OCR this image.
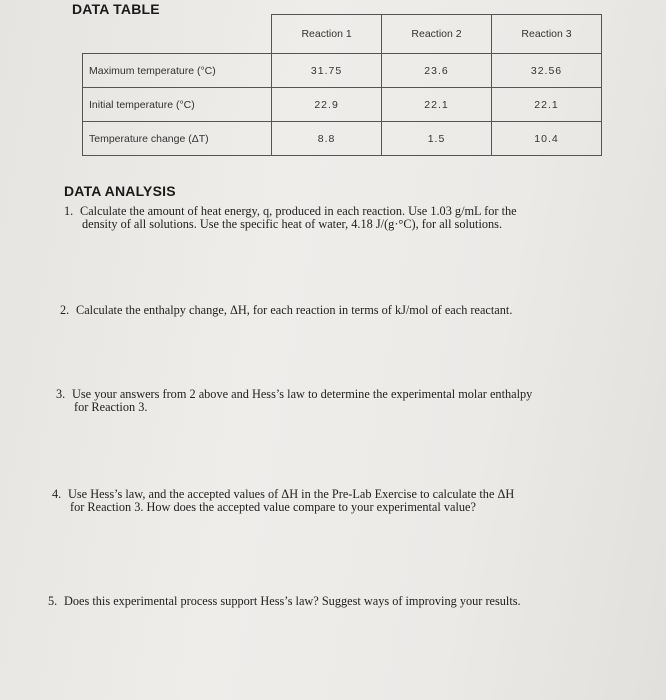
DATA TABLE
	Reaction 1	Reaction 2	Reaction 3
Maximum temperature (°C)	31.75	23.6	32.56
Initial temperature (°C)	22.9	22.1	22.1
Temperature change (ΔT)	8.8	1.5	10.4
DATA ANALYSIS
1. Calculate the amount of heat energy, q, produced in each reaction. Use 1.03 g/mL for the
density of all solutions. Use the specific heat of water, 4.18 J/(g·°C), for all solutions.
2. Calculate the enthalpy change, ΔH, for each reaction in terms of kJ/mol of each reactant.
3. Use your answers from 2 above and Hess’s law to determine the experimental molar enthalpy
for Reaction 3.
4. Use Hess’s law, and the accepted values of ΔH in the Pre-Lab Exercise to calculate the ΔH
for Reaction 3. How does the accepted value compare to your experimental value?
5. Does this experimental process support Hess’s law? Suggest ways of improving your results.
